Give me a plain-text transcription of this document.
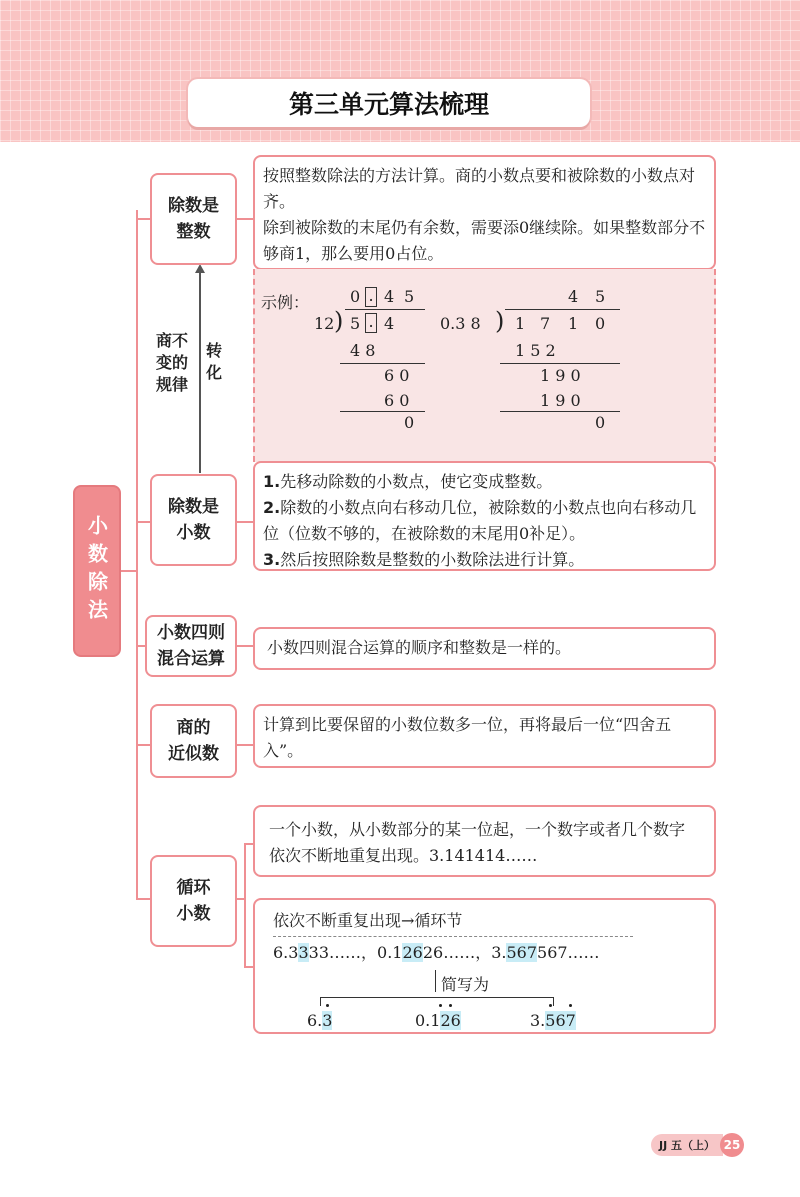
第三单元算法梳理
商不
变的
规律
转化
小数除法
除数是
整数
除数是
小数
小数四则
混合运算
商的
近似数
循环
小数
按照整数除法的方法计算。商的小数点要和被除数的小数点对齐。
除到被除数的末尾仍有余数，需要添0继续除。如果整数部分不够商1，那么要用0占位。
示例：	0 . 4 5
12 ) 5 . 4
4 8
6 0
6 0
0
4 5
0.3 8 ) 1 7 1 0
1 5 2
1 9 0
1 9 0
0
1.先移动除数的小数点，使它变成整数。
2.除数的小数点向右移动几位，被除数的小数点也向右移动几位（位数不够的，在被除数的末尾用0补足）。
3.然后按照除数是整数的小数除法进行计算。
小数四则混合运算的顺序和整数是一样的。
计算到比要保留的小数位数多一位，再将最后一位“四舍五入”。
一个小数，从小数部分的某一位起，一个数字或者几个数字依次不断地重复出现。3.141414……
依次不断重复出现→循环节
6.3333……，0.12626……，3.567567……
简写为
6.3	0.126	3.567
JJ 五（上） 25
